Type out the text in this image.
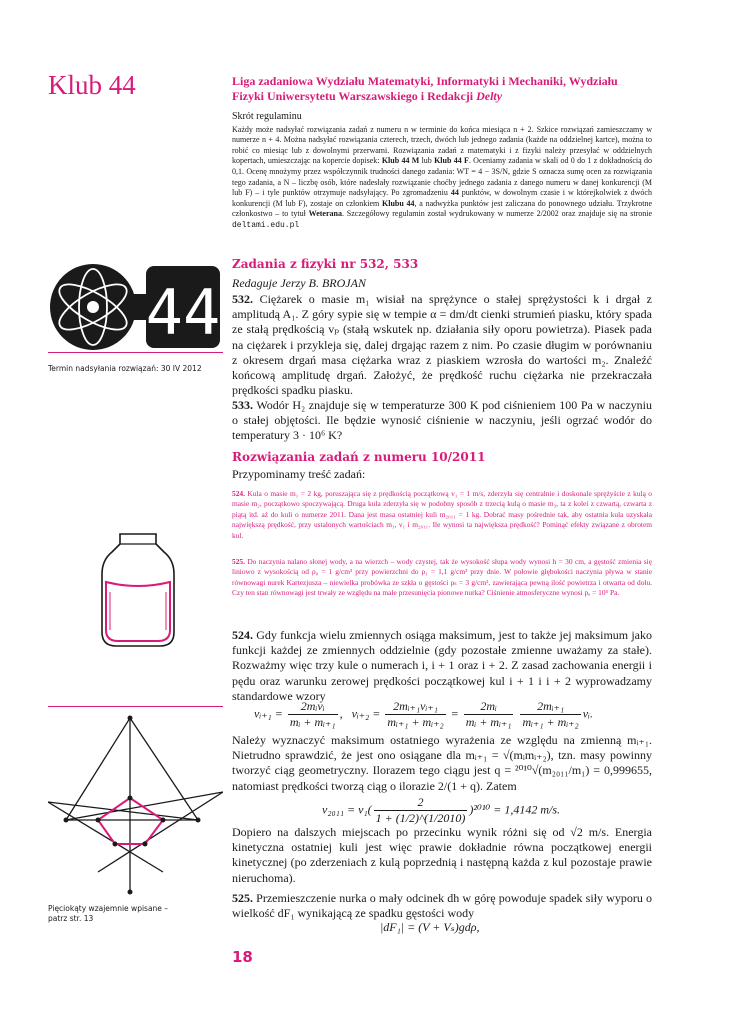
Klub 44
44
Termin nadsyłania rozwiązań: 30 IV 2012
Pięciokąty wzajemnie wpisane – patrz str. 13
Liga zadaniowa Wydziału Matematyki, Informatyki i Mechaniki, Wydziału Fizyki Uniwersytetu Warszawskiego i Redakcji Delty
Skrót regulaminu
Każdy może nadsyłać rozwiązania zadań z numeru n w terminie do końca miesiąca n + 2. Szkice rozwiązań zamieszczamy w numerze n + 4. Można nadsyłać rozwiązania czterech, trzech, dwóch lub jednego zadania (każde na oddzielnej kartce), można to robić co miesiąc lub z dowolnymi przerwami. Rozwiązania zadań z matematyki i z fizyki należy przesyłać w oddzielnych kopertach, umieszczając na kopercie dopisek: Klub 44 M lub Klub 44 F. Oceniamy zadania w skali od 0 do 1 z dokładnością do 0,1. Ocenę mnożymy przez współczynnik trudności danego zadania: WT = 4 − 3S/N, gdzie S oznacza sumę ocen za rozwiązania tego zadania, a N – liczbę osób, które nadesłały rozwiązanie choćby jednego zadania z danego numeru w danej konkurencji (M lub F) – i tyle punktów otrzymuje nadsyłający. Po zgromadzeniu 44 punktów, w dowolnym czasie i w którejkolwiek z dwóch konkurencji (M lub F), zostaje on członkiem Klubu 44, a nadwyżka punktów jest zaliczana do ponownego udziału. Trzykrotne członkostwo – to tytuł Weterana. Szczegółowy regulamin został wydrukowany w numerze 2/2002 oraz znajduje się na stronie deltami.edu.pl
Zadania z fizyki nr 532, 533
Redaguje Jerzy B. BROJAN
532. Ciężarek o masie m₁ wisiał na sprężynce o stałej sprężystości k i drgał z amplitudą A₁. Z góry sypie się w tempie α = dm/dt cienki strumień piasku, który spada ze stałą prędkością vₚ (stałą wskutek np. działania siły oporu powietrza). Piasek pada na ciężarek i przykleja się, dalej drgając razem z nim. Po czasie długim w porównaniu z okresem drgań masa ciężarka wraz z piaskiem wzrosła do wartości m₂. Znaleźć końcową amplitudę drgań. Założyć, że prędkość ruchu ciężarka nie przekraczała prędkości spadku piasku.
533. Wodór H₂ znajduje się w temperaturze 300 K pod ciśnieniem 100 Pa w naczyniu o stałej objętości. Ile będzie wynosić ciśnienie w naczyniu, jeśli ogrzać wodór do temperatury 3 · 10⁶ K?
Rozwiązania zadań z numeru 10/2011
Przypominamy treść zadań:
524. Kula o masie m₁ = 2 kg, poruszająca się z prędkością początkową v₁ = 1 m/s, zderzyła się centralnie i doskonale sprężyście z kulą o masie m₂, początkowo spoczywającą. Druga kula zderzyła się w podobny sposób z trzecią kulą o masie m₃, ta z kolei z czwartą, czwarta z piątą itd. aż do kuli o numerze 2011. Dana jest masa ostatniej kuli m₂₀₁₁ = 1 kg. Dobrać masy pośrednie tak, aby ostatnia kula uzyskała największą prędkość, przy ustalonych wartościach m₁, v₁ i m₂₀₁₁. Ile wynosi ta największa prędkość? Pominąć efekty związane z obrotem kul.
525. Do naczynia nalano słonej wody, a na wierzch – wody czystej, tak że wysokość słupa wody wynosi h = 30 cm, a gęstość zmienia się liniowo z wysokością od ρ₀ = 1 g/cm³ przy powierzchni do ρ₁ = 1,1 g/cm³ przy dnie. W połowie głębokości naczynia pływa w stanie równowagi nurek Kartezjusza – niewielka probówka ze szkła o gęstości ρₛ = 3 g/cm³, zawierająca pewną ilość powietrza i otwarta od dołu. Czy ten stan równowagi jest trwały ze względu na małe przesunięcia pionowe nurka? Ciśnienie atmosferyczne wynosi pₐ = 10⁵ Pa.
524. Gdy funkcja wielu zmiennych osiąga maksimum, jest to także jej maksimum jako funkcji każdej ze zmiennych oddzielnie (gdy pozostałe zmienne uważamy za stałe). Rozważmy więc trzy kule o numerach i, i + 1 oraz i + 2. Z zasad zachowania energii i pędu oraz warunku zerowej prędkości początkowej kul i + 1 i i + 2 wyprowadzamy standardowe wzory
vᵢ₊₁ = $\frac{\text{2mᵢvᵢ}}{\text{mᵢ + mᵢ₊₁}}$ ,   vᵢ₊₂ = $\frac{\text{2mᵢ₊₁vᵢ₊₁}}{\text{mᵢ₊₁ + mᵢ₊₂}} = \frac{\text{2mᵢ}}{\text{mᵢ + mᵢ₊₁}}$
$\frac{\text{2mᵢ₊₁}}{\text{mᵢ₊₁ + mᵢ₊₂}}$ vᵢ.
Należy wyznaczyć maksimum ostatniego wyrażenia ze względu na zmienną mᵢ₊₁. Nietrudno sprawdzić, że jest ono osiągane dla mᵢ₊₁ = √(mᵢmᵢ₊₂), tzn. masy powinny tworzyć ciąg geometryczny. Ilorazem tego ciągu jest q = ²⁰¹⁰√(m₂₀₁₁/m₁) = 0,999655, natomiast prędkości tworzą ciąg o ilorazie 2/(1 + q). Zatem
$v_{2011} = v_1( \frac{2}{1 + (1/2)\^{}(1/2010)} )^{2010} = 1,4142$ m/s.
Dopiero na dalszych miejscach po przecinku wynik różni się od √2 m/s. Energia kinetyczna ostatniej kuli jest więc prawie dokładnie równa początkowej energii kinetycznej (po zderzeniach z kulą poprzednią i następną każda z kul pozostaje prawie nieruchoma).
525. Przemieszczenie nurka o mały odcinek dh w górę powoduje spadek siły wyporu o wielkość dF₁ wynikającą ze spadku gęstości wody
|dF₁| = (V + Vₛ)gdρ,
18
